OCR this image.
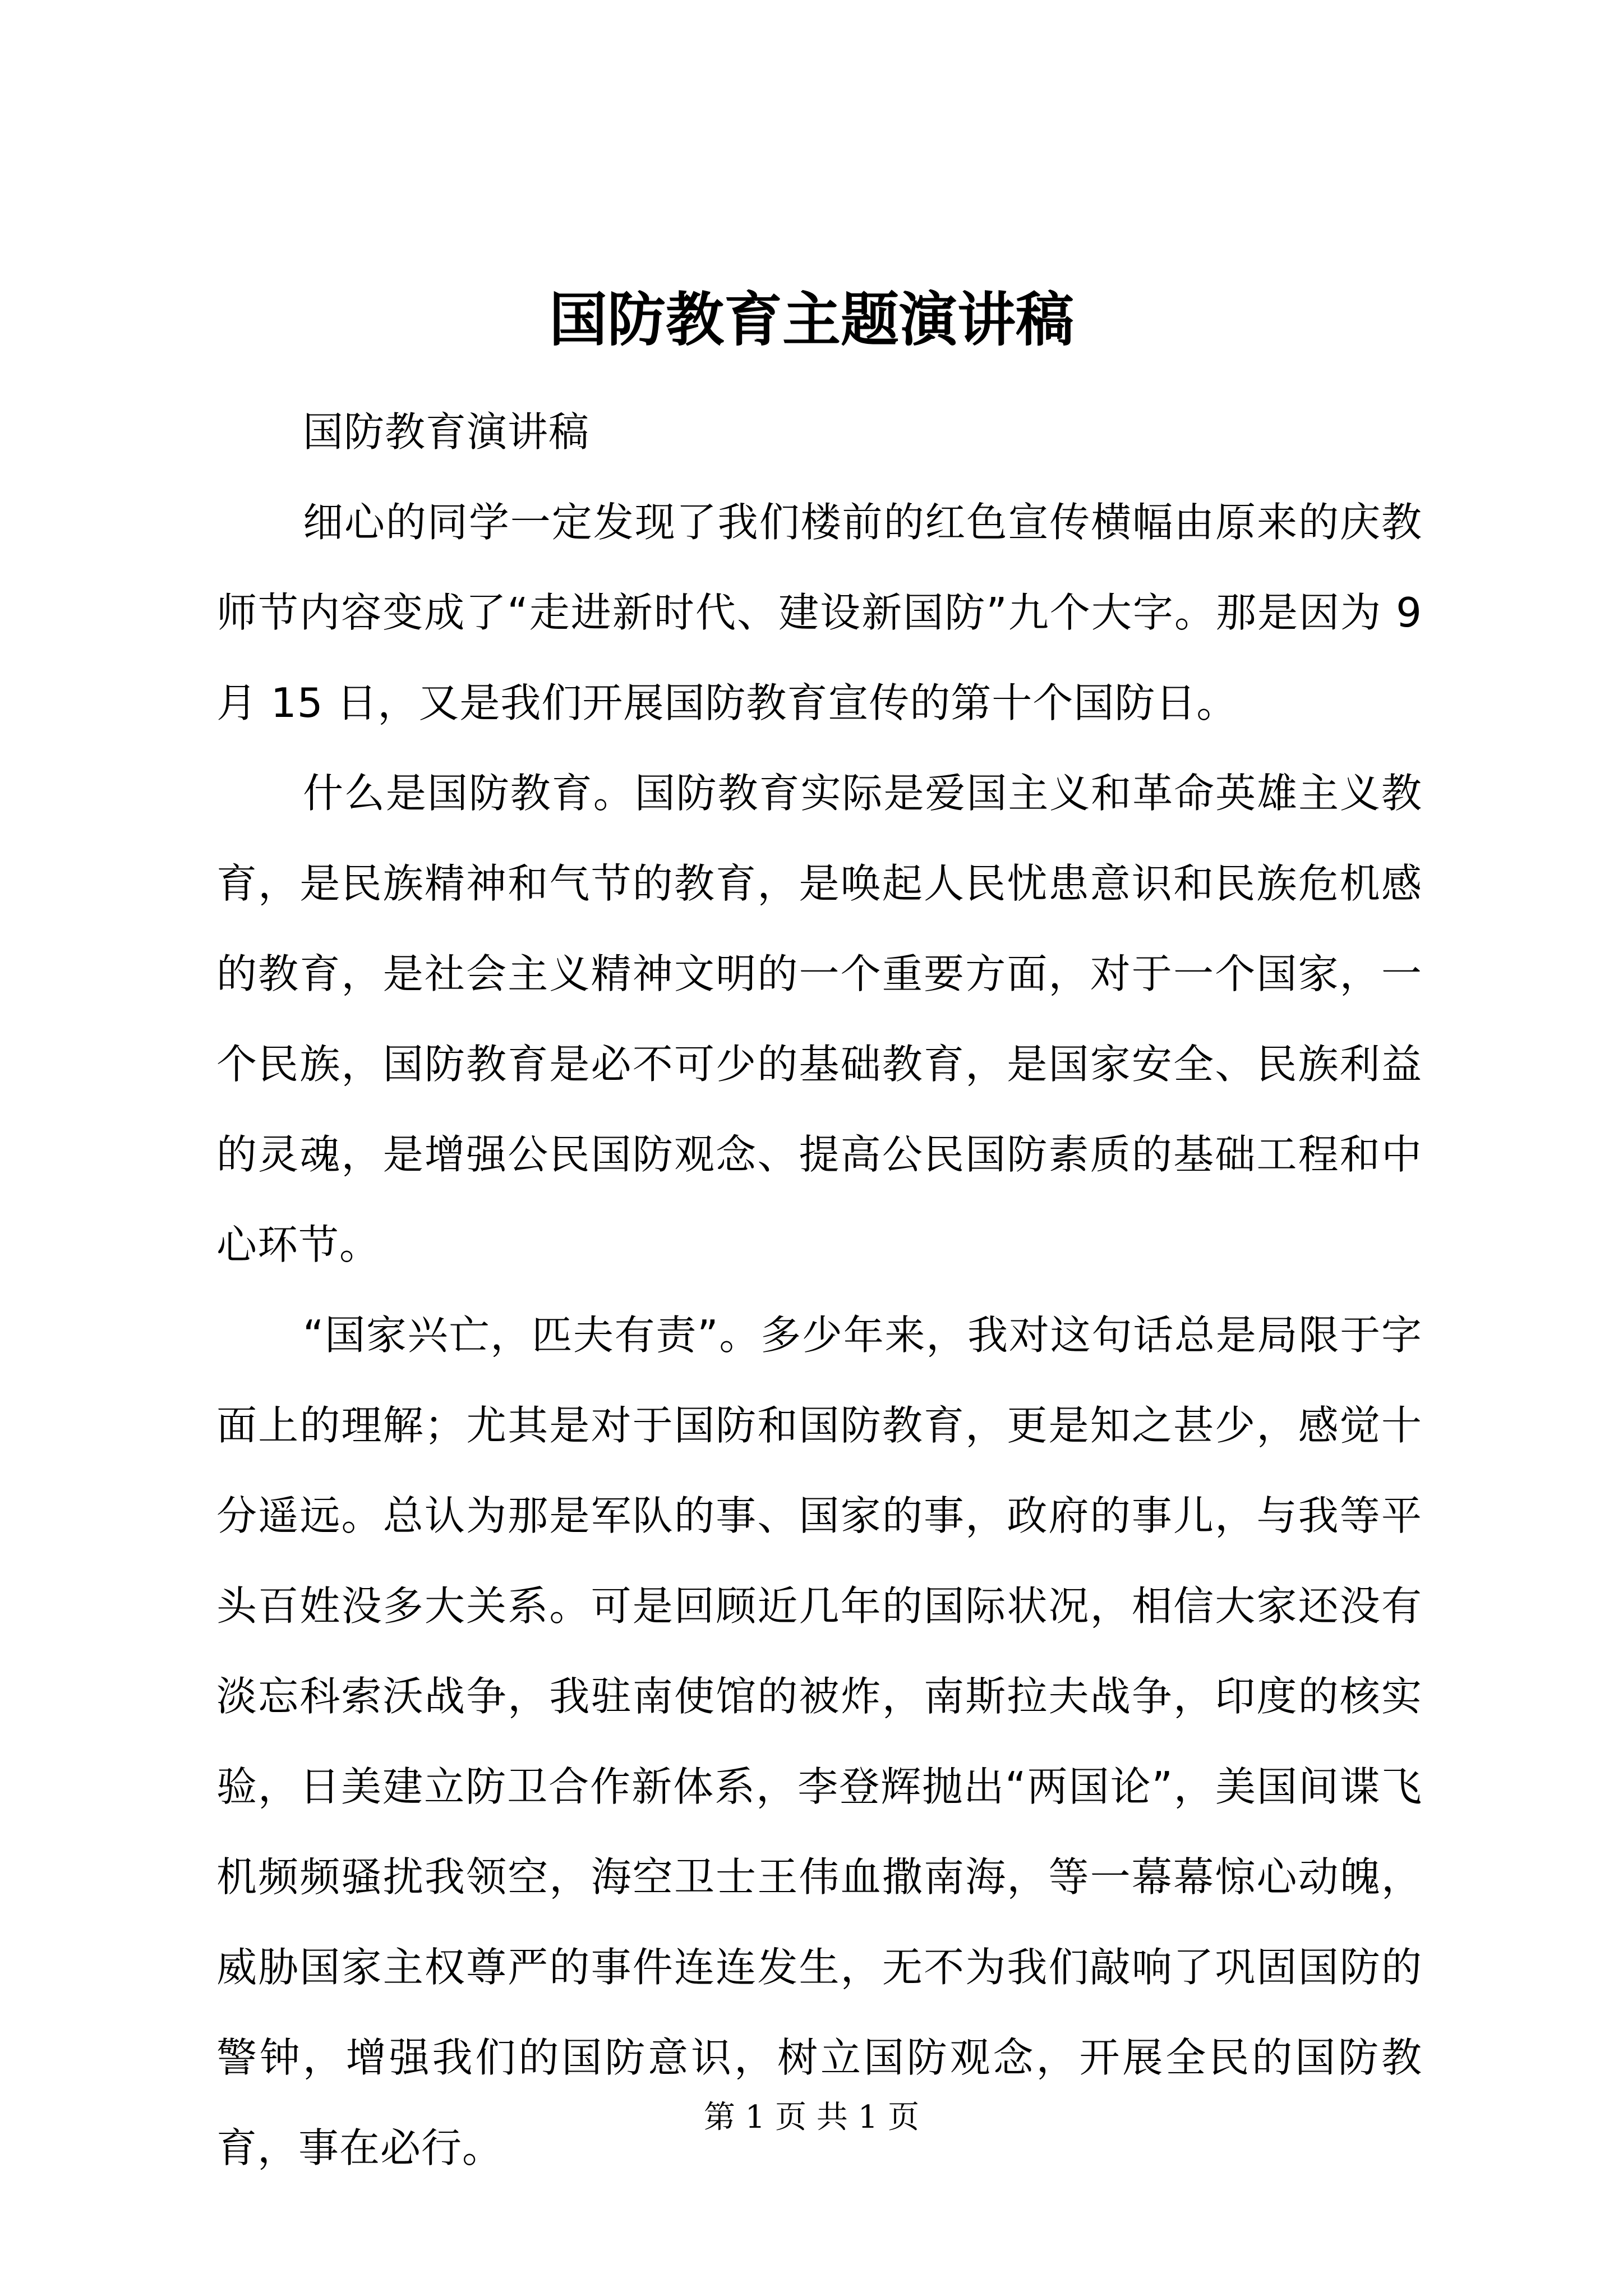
国防教育主题演讲稿

国防教育演讲稿

细心的同学一定发现了我们楼前的红色宣传横幅由原来的庆教师节内容变成了“走进新时代、建设新国防”九个大字。那是因为 9 月 15 日，又是我们开展国防教育宣传的第十个国防日。

什么是国防教育。国防教育实际是爱国主义和革命英雄主义教育，是民族精神和气节的教育，是唤起人民忧患意识和民族危机感的教育，是社会主义精神文明的一个重要方面，对于一个国家，一个民族，国防教育是必不可少的基础教育，是国家安全、民族利益的灵魂，是增强公民国防观念、提高公民国防素质的基础工程和中心环节。

“国家兴亡，匹夫有责”。多少年来，我对这句话总是局限于字面上的理解；尤其是对于国防和国防教育，更是知之甚少，感觉十分遥远。总认为那是军队的事、国家的事，政府的事儿，与我等平头百姓没多大关系。可是回顾近几年的国际状况，相信大家还没有淡忘科索沃战争，我驻南使馆的被炸，南斯拉夫战争，印度的核实验，日美建立防卫合作新体系，李登辉抛出“两国论”，美国间谍飞机频频骚扰我领空，海空卫士王伟血撒南海，等一幕幕惊心动魄，威胁国家主权尊严的事件连连发生，无不为我们敲响了巩固国防的警钟，增强我们的国防意识，树立国防观念，开展全民的国防教育，事在必行。

第 1 页 共 1 页
